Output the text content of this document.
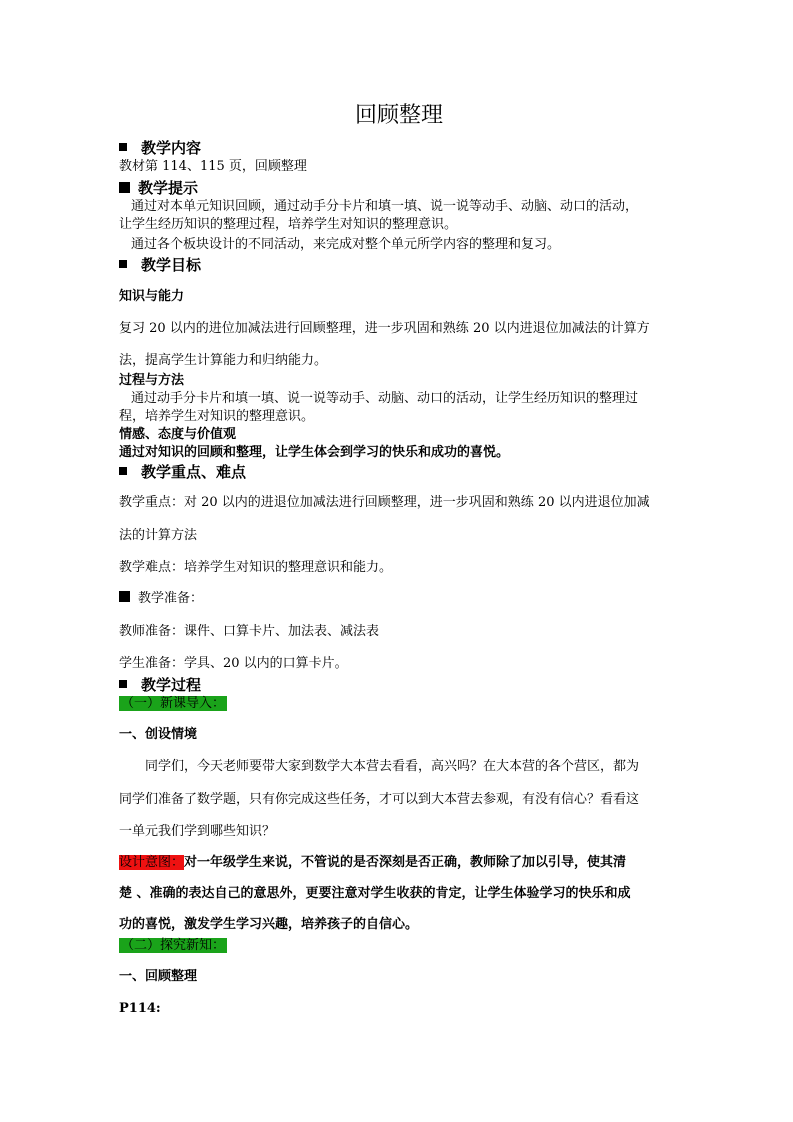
回顾整理
教学内容
教材第 114、115 页，回顾整理
教学提示
通过对本单元知识回顾，通过动手分卡片和填一填、说一说等动手、动脑、动口的活动，
让学生经历知识的整理过程，培养学生对知识的整理意识。
通过各个板块设计的不同活动，来完成对整个单元所学内容的整理和复习。
教学目标
知识与能力
复习 20 以内的进位加减法进行回顾整理，进一步巩固和熟练 20 以内进退位加减法的计算方
法，提高学生计算能力和归纳能力。
过程与方法
通过动手分卡片和填一填、说一说等动手、动脑、动口的活动，让学生经历知识的整理过
程，培养学生对知识的整理意识。
情感、态度与价值观
通过对知识的回顾和整理，让学生体会到学习的快乐和成功的喜悦。
教学重点、难点
教学重点：对 20 以内的进退位加减法进行回顾整理，进一步巩固和熟练 20 以内进退位加减
法的计算方法
教学难点：培养学生对知识的整理意识和能力。
教学准备：
教师准备：课件、口算卡片、加法表、减法表
学生准备：学具、20 以内的口算卡片。
教学过程
（一）新课导入：
一、创设情境
同学们，今天老师要带大家到数学大本营去看看，高兴吗？在大本营的各个营区，都为
同学们准备了数学题，只有你完成这些任务，才可以到大本营去参观，有没有信心？看看这
一单元我们学到哪些知识？
设计意图：对一年级学生来说，不管说的是否深刻是否正确，教师除了加以引导，使其清
楚 、准确的表达自己的意思外，更要注意对学生收获的肯定，让学生体验学习的快乐和成
功的喜悦，激发学生学习兴趣，培养孩子的自信心。
（二）探究新知：
一、回顾整理
P114:
